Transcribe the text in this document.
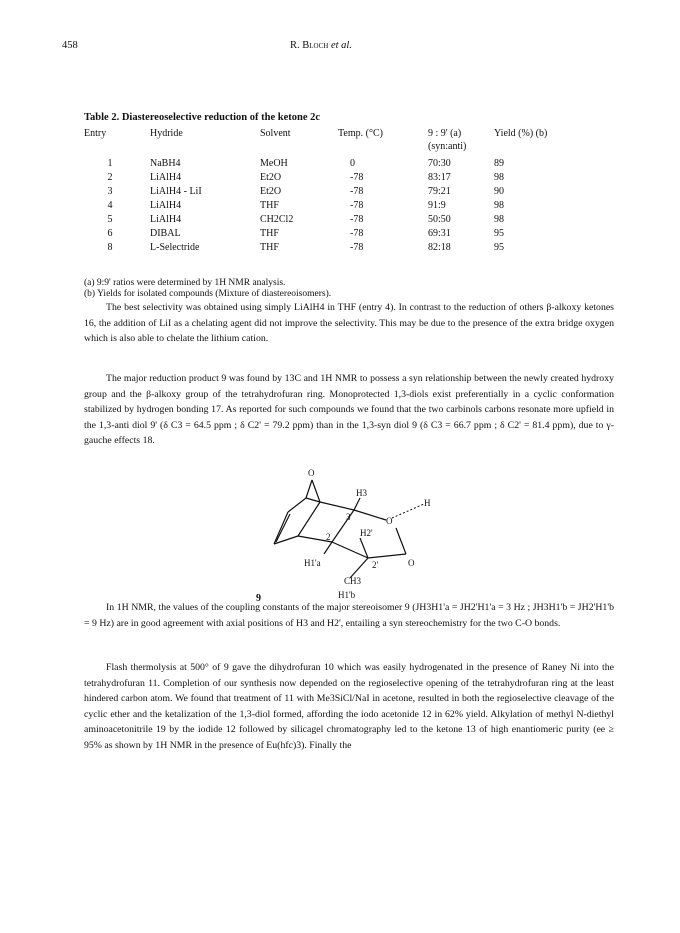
458	R. Bloch et al.
Table 2. Diastereoselective reduction of the ketone 2c
Entry	Hydride	Solvent	Temp. (°C)	9 : 9' (a)	Yield (%) (b)
				(syn:anti)	
1	NaBH4	MeOH	0	70:30	89
2	LiAlH4	Et2O	-78	83:17	98
3	LiAlH4 - LiI	Et2O	-78	79:21	90
4	LiAlH4	THF	-78	91:9	98
5	LiAlH4	CH2Cl2	-78	50:50	98
6	DIBAL	THF	-78	69:31	95
8	L-Selectride	THF	-78	82:18	95
(a) 9:9' ratios were determined by 1H NMR analysis.
(b) Yields for isolated compounds (Mixture of diastereoisomers).

The best selectivity was obtained using simply LiAlH4 in THF (entry 4). In contrast to the reduction of others β-alkoxy ketones 16, the addition of LiI as a chelating agent did not improve the selectivity. This may be due to the presence of the extra bridge oxygen which is also able to chelate the lithium cation.

The major reduction product 9 was found by 13C and 1H NMR to possess a syn relationship between the newly created hydroxy group and the β-alkoxy group of the tetrahydrofuran ring. Monoprotected 1,3-diols exist preferentially in a cyclic conformation stabilized by hydrogen bonding 17. As reported for such compounds we found that the two carbinols carbons resonate more upfield in the 1,3-anti diol 9' (δ C3 = 64.5 ppm ; δ C2' = 79.2 ppm) than in the 1,3-syn diol 9 (δ C3 = 66.7 ppm ; δ C2' = 81.4 ppm), due to γ-gauche effects 18.

O
H3
3
H2'
O
H
2
H1'a	2'	O
CH3
H1'b
9

In 1H NMR, the values of the coupling constants of the major stereoisomer 9 (JH3H1'a = JH2'H1'a = 3 Hz ; JH3H1'b = JH2'H1'b = 9 Hz) are in good agreement with axial positions of H3 and H2', entailing a syn stereochemistry for the two C-O bonds.

Flash thermolysis at 500° of 9 gave the dihydrofuran 10 which was easily hydrogenated in the presence of Raney Ni into the tetrahydrofuran 11. Completion of our synthesis now depended on the regioselective opening of the tetrahydrofuran ring at the least hindered carbon atom. We found that treatment of 11 with Me3SiCl/NaI in acetone, resulted in both the regioselective cleavage of the cyclic ether and the ketalization of the 1,3-diol formed, affording the iodo acetonide 12 in 62% yield. Alkylation of methyl N-diethyl aminoacetonitrile 19 by the iodide 12 followed by silicagel chromatography led to the ketone 13 of high enantiomeric purity (ee ≥ 95% as shown by 1H NMR in the presence of Eu(hfc)3). Finally the
